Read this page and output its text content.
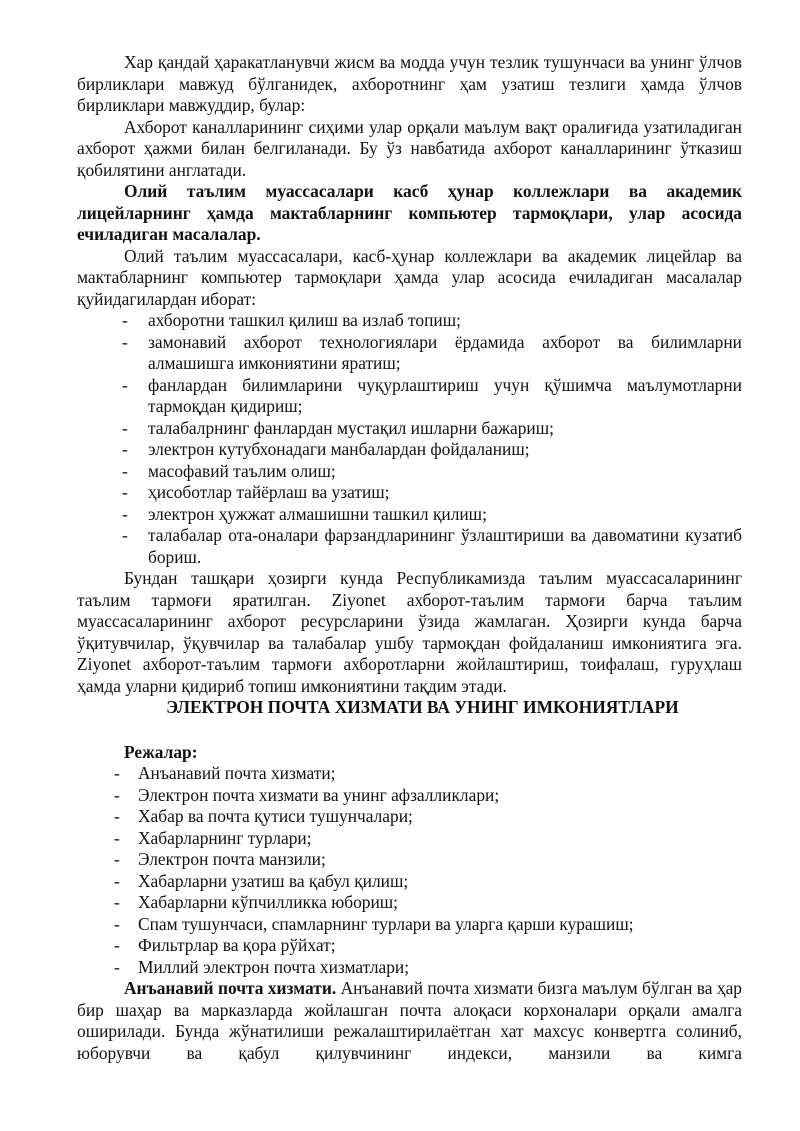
Хар қандай ҳаракатланувчи жисм ва модда учун тезлик тушунчаси ва унинг ўлчов бирликлари мавжуд бўлганидек, ахборотнинг ҳам узатиш тезлиги ҳамда ўлчов бирликлари мавжуддир, булар:

Ахборот каналларининг сиҳими улар орқали маълум вақт оралиғида узатиладиган ахборот ҳажми билан белгиланади. Бу ўз навбатида ахборот каналларининг ўтказиш қобилятини англатади.

Олий таълим муассасалари касб ҳунар коллежлари ва академик лицейларнинг ҳамда мактабларнинг компьютер тармоқлари, улар асосида ечиладиган масалалар.

Олий таълим муассасалари, касб-ҳунар коллежлари ва академик лицейлар ва мактабларнинг компьютер тармоқлари ҳамда улар асосида ечиладиган масалалар қуйидагилардан иборат:

- ахборотни ташкил қилиш ва излаб топиш;
- замонавий ахборот технологиялари ёрдамида ахборот ва билимларни алмашишга имкониятини яратиш;
- фанлардан билимларини чуқурлаштириш учун қўшимча маълумотларни тармоқдан қидириш;
- талабалрнинг фанлардан мустақил ишларни бажариш;
- электрон кутубхонадаги манбалардан фойдаланиш;
- масофавий таълим олиш;
- ҳисоботлар тайёрлаш ва узатиш;
- электрон ҳужжат алмашишни ташкил қилиш;
- талабалар ота-оналари фарзандларининг ўзлаштириши ва давоматини кузатиб бориш.

Бундан ташқари ҳозирги кунда Республикамизда таълим муассасаларининг таълим тармоғи яратилган. Ziyonet ахборот-таълим тармоғи барча таълим муассасаларининг ахборот ресурсларини ўзида жамлаган. Ҳозирги кунда барча ўқитувчилар, ўқувчилар ва талабалар ушбу тармоқдан фойдаланиш имкониятига эга. Ziyonet ахборот-таълим тармоғи ахборотларни жойлаштириш, тоифалаш, гуруҳлаш ҳамда уларни қидириб топиш имкониятини тақдим этади.

ЭЛЕКТРОН ПОЧТА ХИЗМАТИ ВА УНИНГ ИМКОНИЯТЛАРИ
Режалар:
- Анъанавий почта хизмати;
- Электрон почта хизмати ва унинг афзалликлари;
- Хабар ва почта қутиси тушунчалари;
- Хабарларнинг турлари;
- Электрон почта манзили;
- Хабарларни узатиш ва қабул қилиш;
- Хабарларни кўпчилликка юбориш;
- Спам тушунчаси, спамларнинг турлари ва уларга қарши курашиш;
- Фильтрлар ва қора рўйхат;
- Миллий электрон почта хизматлари;

Анъанавий почта хизмати. Анъанавий почта хизмати бизга маълум бўлган ва ҳар бир шаҳар ва марказларда жойлашган почта алоқаси корхоналари орқали амалга оширилади. Бунда жўнатилиши режалаштирилаётган хат махсус конвертга солиниб, юборувчи ва қабул қилувчининг индекси, манзили ва кимга
